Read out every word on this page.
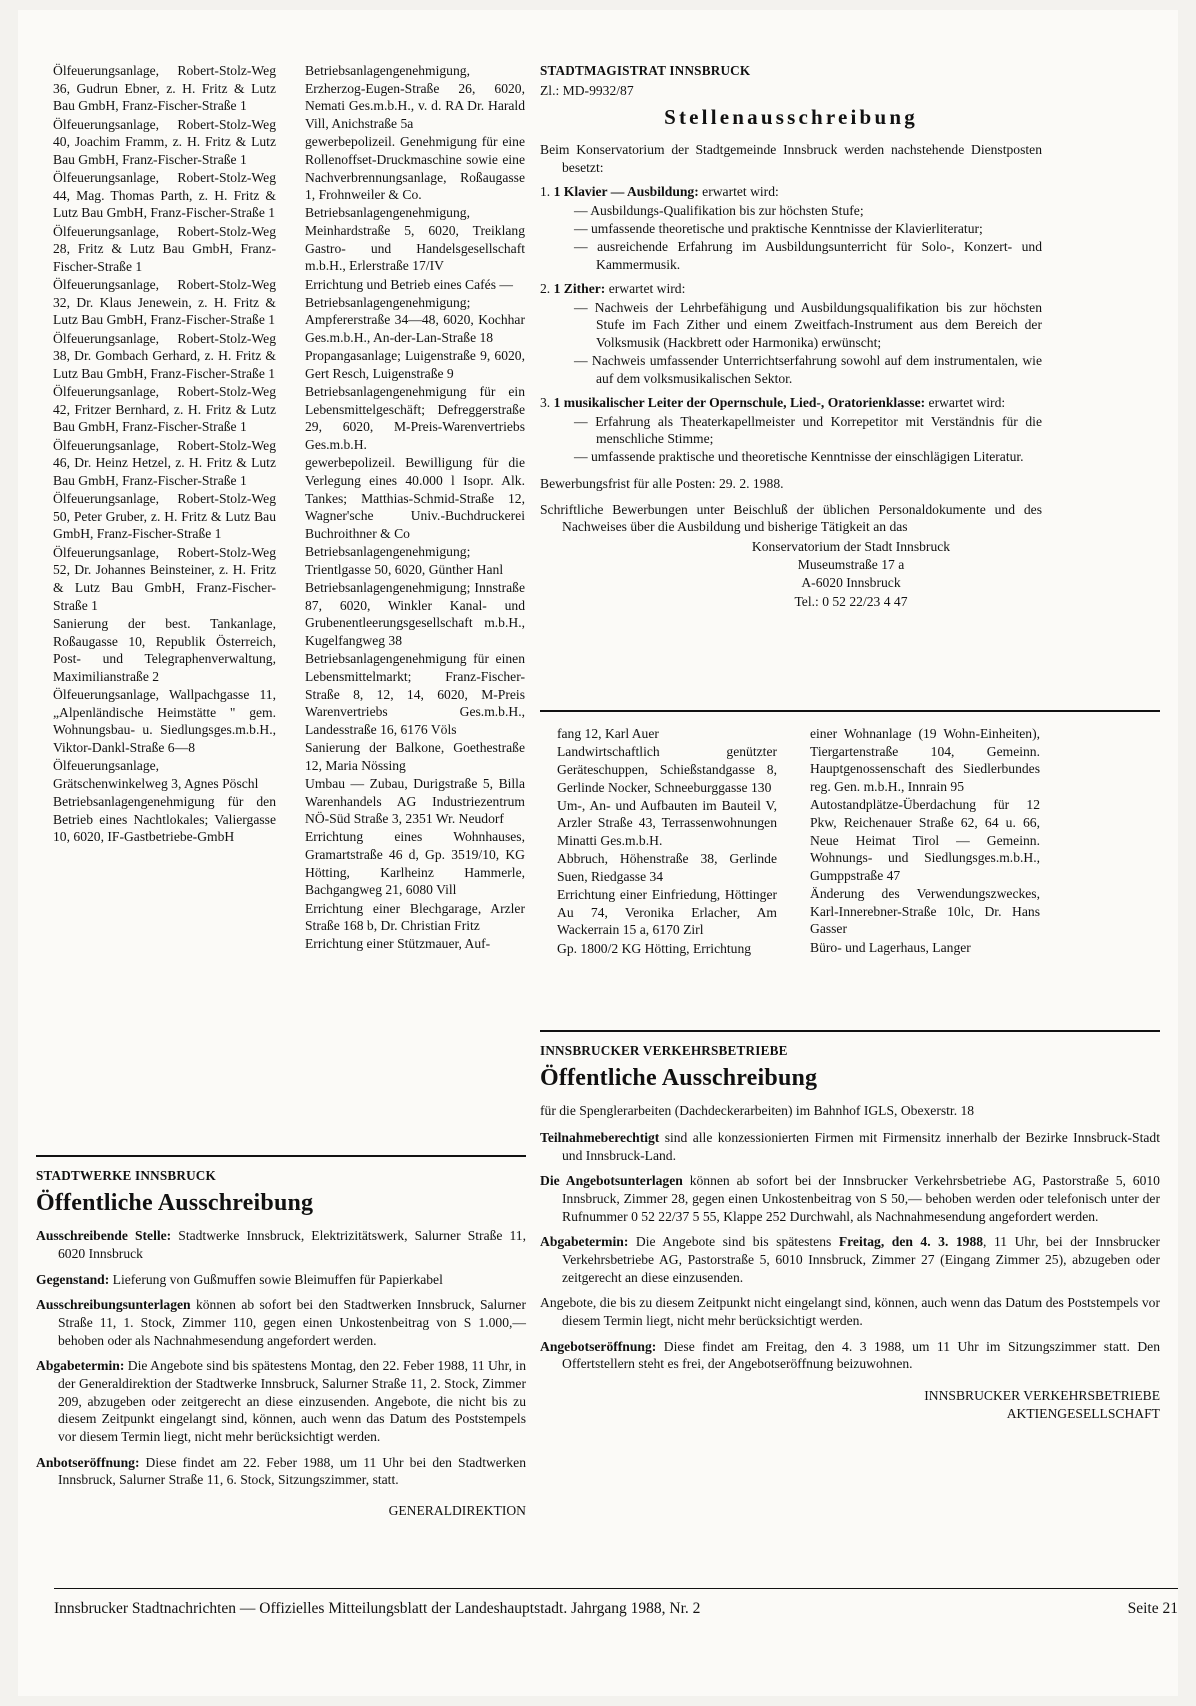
Ölfeuerungsanlage, Robert-Stolz-Weg 36, Gudrun Ebner, z. H. Fritz & Lutz Bau GmbH, Franz-Fischer-Straße 1

Ölfeuerungsanlage, Robert-Stolz-Weg 40, Joachim Framm, z. H. Fritz & Lutz Bau GmbH, Franz-Fischer-Straße 1

Ölfeuerungsanlage, Robert-Stolz-Weg 44, Mag. Thomas Parth, z. H. Fritz & Lutz Bau GmbH, Franz-Fischer-Straße 1

Ölfeuerungsanlage, Robert-Stolz-Weg 28, Fritz & Lutz Bau GmbH, Franz-Fischer-Straße 1

Ölfeuerungsanlage, Robert-Stolz-Weg 32, Dr. Klaus Jenewein, z. H. Fritz & Lutz Bau GmbH, Franz-Fischer-Straße 1

Ölfeuerungsanlage, Robert-Stolz-Weg 38, Dr. Gombach Gerhard, z. H. Fritz & Lutz Bau GmbH, Franz-Fischer-Straße 1

Ölfeuerungsanlage, Robert-Stolz-Weg 42, Fritzer Bernhard, z. H. Fritz & Lutz Bau GmbH, Franz-Fischer-Straße 1

Ölfeuerungsanlage, Robert-Stolz-Weg 46, Dr. Heinz Hetzel, z. H. Fritz & Lutz Bau GmbH, Franz-Fischer-Straße 1

Ölfeuerungsanlage, Robert-Stolz-Weg 50, Peter Gruber, z. H. Fritz & Lutz Bau GmbH, Franz-Fischer-Straße 1

Ölfeuerungsanlage, Robert-Stolz-Weg 52, Dr. Johannes Beinsteiner, z. H. Fritz & Lutz Bau GmbH, Franz-Fischer-Straße 1

Sanierung der best. Tankanlage, Roßaugasse 10, Republik Österreich, Post- und Telegraphenverwaltung, Maximilianstraße 2

Ölfeuerungsanlage, Wallpachgasse 11, „Alpenländische Heimstätte " gem. Wohnungsbau- u. Siedlungsges.m.b.H., Viktor-Dankl-Straße 6—8

Ölfeuerungsanlage, Grätschenwinkelweg 3, Agnes Pöschl

Betriebsanlagengenehmigung für den Betrieb eines Nachtlokales; Valiergasse 10, 6020, IF-Gastbetriebe-GmbH

Betriebsanlagengenehmigung, Erzherzog-Eugen-Straße 26, 6020, Nemati Ges.m.b.H., v. d. RA Dr. Harald Vill, Anichstraße 5a

gewerbepolizeil. Genehmigung für eine Rollenoffset-Druckmaschine sowie eine Nachverbrennungsanlage, Roßaugasse 1, Frohnweiler & Co.

Betriebsanlagengenehmigung, Meinhardstraße 5, 6020, Treiklang Gastro- und Handelsgesellschaft m.b.H., Erlerstraße 17/IV

Errichtung und Betrieb eines Cafés —

Betriebsanlagengenehmigung; Ampfererstraße 34—48, 6020, Kochhar Ges.m.b.H., An-der-Lan-Straße 18

Propangasanlage; Luigenstraße 9, 6020, Gert Resch, Luigenstraße 9

Betriebsanlagengenehmigung für ein Lebensmittelgeschäft; Defreggerstraße 29, 6020, M-Preis-Warenvertriebs Ges.m.b.H.

gewerbepolizeil. Bewilligung für die Verlegung eines 40.000 l Isopr. Alk. Tankes; Matthias-Schmid-Straße 12, Wagner'sche Univ.-Buchdruckerei Buchroithner & Co

Betriebsanlagengenehmigung; Trientlgasse 50, 6020, Günther Hanl

Betriebsanlagengenehmigung; Innstraße 87, 6020, Winkler Kanal- und Grubenentleerungsgesellschaft m.b.H., Kugelfangweg 38

Betriebsanlagengenehmigung für einen Lebensmittelmarkt; Franz-Fischer-Straße 8, 12, 14, 6020, M-Preis Warenvertriebs Ges.m.b.H., Landesstraße 16, 6176 Völs

Sanierung der Balkone, Goethestraße 12, Maria Nössing

Umbau — Zubau, Durigstraße 5, Billa Warenhandels AG Industriezentrum NÖ-Süd Straße 3, 2351 Wr. Neudorf

Errichtung eines Wohnhauses, Gramartstraße 46 d, Gp. 3519/10, KG Hötting, Karlheinz Hammerle, Bachgangweg 21, 6080 Vill

Errichtung einer Blechgarage, Arzler Straße 168 b, Dr. Christian Fritz

Errichtung einer Stützmauer, Auf-

STADTMAGISTRAT INNSBRUCK
Zl.: MD-9932/87
Stellenausschreibung
Beim Konservatorium der Stadtgemeinde Innsbruck werden nachstehende Dienstposten besetzt:

1. 1 Klavier — Ausbildung: erwartet wird:

— Ausbildungs-Qualifikation bis zur höchsten Stufe;

— umfassende theoretische und praktische Kenntnisse der Klavierliteratur;

— ausreichende Erfahrung im Ausbildungsunterricht für Solo-, Konzert- und Kammermusik.

2. 1 Zither: erwartet wird:

— Nachweis der Lehrbefähigung und Ausbildungsqualifikation bis zur höchsten Stufe im Fach Zither und einem Zweitfach-Instrument aus dem Bereich der Volksmusik (Hackbrett oder Harmonika) erwünscht;

— Nachweis umfassender Unterrichtserfahrung sowohl auf dem instrumentalen, wie auf dem volksmusikalischen Sektor.

3. 1 musikalischer Leiter der Opernschule, Lied-, Oratorienklasse: erwartet wird:

— Erfahrung als Theaterkapellmeister und Korrepetitor mit Verständnis für die menschliche Stimme;

— umfassende praktische und theoretische Kenntnisse der einschlägigen Literatur.

Bewerbungsfrist für alle Posten: 29. 2. 1988.
Schriftliche Bewerbungen unter Beischluß der üblichen Personaldokumente und des Nachweises über die Ausbildung und bisherige Tätigkeit an das

Konservatorium der Stadt Innsbruck

Museumstraße 17 a

A-6020 Innsbruck

Tel.: 0 52 22/23 4 47

fang 12, Karl Auer

Landwirtschaftlich genützter Geräteschuppen, Schießstandgasse 8, Gerlinde Nocker, Schneeburggasse 130

Um-, An- und Aufbauten im Bauteil V, Arzler Straße 43, Terrassenwohnungen Minatti Ges.m.b.H.

Abbruch, Höhenstraße 38, Gerlinde Suen, Riedgasse 34

Errichtung einer Einfriedung, Höttinger Au 74, Veronika Erlacher, Am Wackerrain 15 a, 6170 Zirl

Gp. 1800/2 KG Hötting, Errichtung

einer Wohnanlage (19 Wohn-Einheiten), Tiergartenstraße 104, Gemeinn. Hauptgenossenschaft des Siedlerbundes reg. Gen. m.b.H., Innrain 95

Autostandplätze-Überdachung für 12 Pkw, Reichenauer Straße 62, 64 u. 66, Neue Heimat Tirol — Gemeinn. Wohnungs- und Siedlungsges.m.b.H., Gumppstraße 47

Änderung des Verwendungszweckes, Karl-Innerebner-Straße 10lc, Dr. Hans Gasser

Büro- und Lagerhaus, Langer

INNSBRUCKER VERKEHRSBETRIEBE
Öffentliche Ausschreibung
für die Spenglerarbeiten (Dachdeckerarbeiten) im Bahnhof IGLS, Obexerstr. 18

Teilnahmeberechtigt sind alle konzessionierten Firmen mit Firmensitz innerhalb der Bezirke Innsbruck-Stadt und Innsbruck-Land.

Die Angebotsunterlagen können ab sofort bei der Innsbrucker Verkehrsbetriebe AG, Pastorstraße 5, 6010 Innsbruck, Zimmer 28, gegen einen Unkostenbeitrag von S 50,— behoben werden oder telefonisch unter der Rufnummer 0 52 22/37 5 55, Klappe 252 Durchwahl, als Nachnahmesendung angefordert werden.

Abgabetermin: Die Angebote sind bis spätestens Freitag, den 4. 3. 1988, 11 Uhr, bei der Innsbrucker Verkehrsbetriebe AG, Pastorstraße 5, 6010 Innsbruck, Zimmer 27 (Eingang Zimmer 25), abzugeben oder zeitgerecht an diese einzusenden.

Angebote, die bis zu diesem Zeitpunkt nicht eingelangt sind, können, auch wenn das Datum des Poststempels vor diesem Termin liegt, nicht mehr berücksichtigt werden.

Angebotseröffnung: Diese findet am Freitag, den 4. 3 1988, um 11 Uhr im Sitzungszimmer statt. Den Offertstellern steht es frei, der Angebotseröffnung beizuwohnen.

INNSBRUCKER VERKEHRSBETRIEBE
AKTIENGESELLSCHAFT
STADTWERKE INNSBRUCK
Öffentliche Ausschreibung

Ausschreibende Stelle: Stadtwerke Innsbruck, Elektrizitätswerk, Salurner Straße 11, 6020 Innsbruck

Gegenstand: Lieferung von Gußmuffen sowie Bleimuffen für Papierkabel

Ausschreibungsunterlagen können ab sofort bei den Stadtwerken Innsbruck, Salurner Straße 11, 1. Stock, Zimmer 110, gegen einen Unkostenbeitrag von S 1.000,— behoben oder als Nachnahmesendung angefordert werden.

Abgabetermin: Die Angebote sind bis spätestens Montag, den 22. Feber 1988, 11 Uhr, in der Generaldirektion der Stadtwerke Innsbruck, Salurner Straße 11, 2. Stock, Zimmer 209, abzugeben oder zeitgerecht an diese einzusenden. Angebote, die nicht bis zu diesem Zeitpunkt eingelangt sind, können, auch wenn das Datum des Poststempels vor diesem Termin liegt, nicht mehr berücksichtigt werden.

Anbotseröffnung: Diese findet am 22. Feber 1988, um 11 Uhr bei den Stadtwerken Innsbruck, Salurner Straße 11, 6. Stock, Sitzungszimmer, statt.

GENERALDIREKTION
Innsbrucker Stadtnachrichten — Offizielles Mitteilungsblatt der Landeshauptstadt. Jahrgang 1988, Nr. 2	Seite 21
